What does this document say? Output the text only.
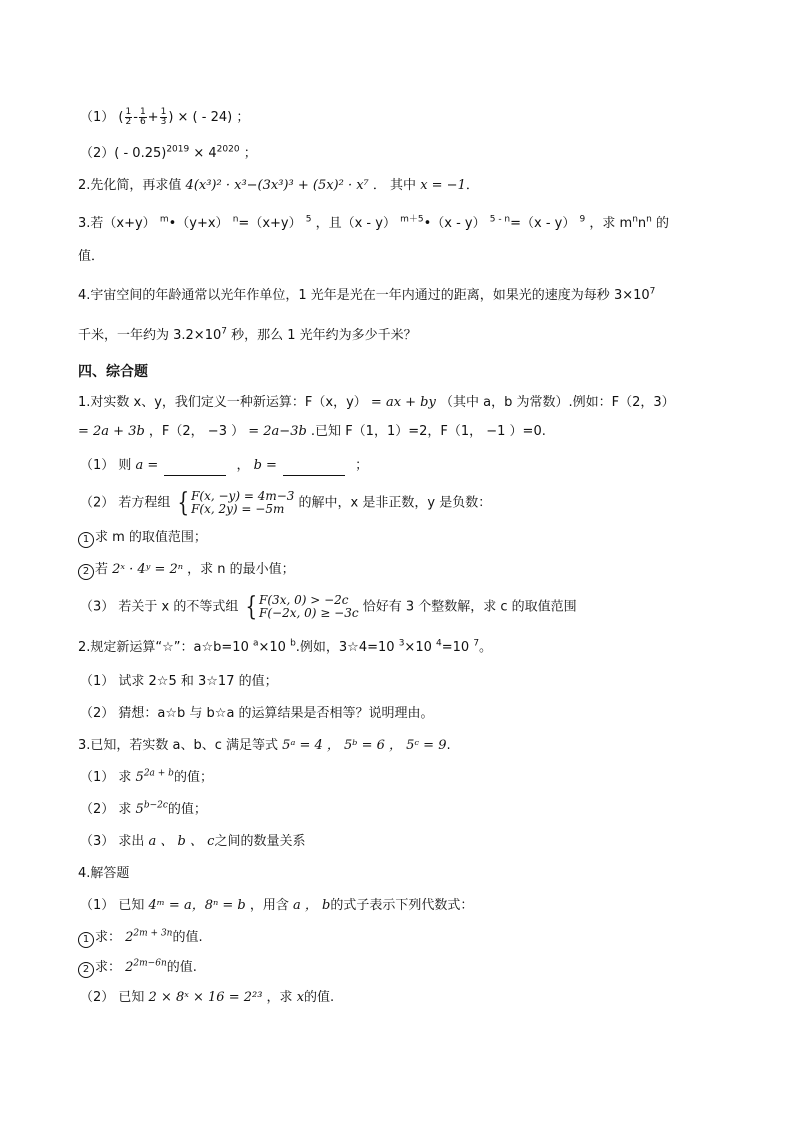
（1） ( $\frac{1}{2} - \frac{1}{6} + \frac{1}{3}$ ) × ( - 24) ；
$(2)( - 0.25)^{2019} \times 4^{2020}$ ；
2.先化简，再求值 4(x³)² · x³−(3x³)³ + (5x)² · x⁷ ． 其中 x = −1．
3.若（x+y） $^m$•（y+x） $^n$=（x+y） $^5$ ，且（x - y） $^{m+5}$•（x - y） $^{5 - n}$=（x - y） $^9$ ，求 $m^nn^n$ 的
值．
4.宇宙空间的年龄通常以光年作单位，1 光年是光在一年内通过的距离，如果光的速度为每秒 $3\times 10^7$
千米，一年约为 $3.2\times 10^7$ 秒，那么 1 光年约为多少千米？
四、综合题
1.对实数 x、y，我们定义一种新运算：F（x，y） = ax + by （其中 a，b 为常数）.例如：F（2，3）
= 2a + 3b ，F（2， −3 ） = 2a−3b .已知 F（1，1）=2，F（1， −1 ）=0.
（1） 则 a =	， b =	；
（2） 若方程组 { F(x, −y) = 4m−3
F(x, 2y) = −5m 的解中，x 是非正数，y 是负数：
1 求 m 的取值范围；
2 若 2ˣ · 4ʸ = 2ⁿ ，求 n 的最小值；
（3） 若关于 x 的不等式组 { F(3x, 0) > −2c
F(−2x, 0) ≥ −3c 恰好有 3 个整数解，求 c 的取值范围
2.规定新运算“☆”：a☆b=10 $^a$×10 $^b$.例如，3☆4=10 $^3$×10 $^4$=10 $^7$。
（1） 试求 2☆5 和 3☆17 的值；
（2） 猜想：a☆b 与 b☆a 的运算结果是否相等？说明理由。
3.已知，若实数 a、b、c 满足等式 5ᵃ = 4 ， 5ᵇ = 6 ， 5ᶜ = 9.
（1） 求 $5^{2a + b}$的值；
（2） 求 $5^{b-2c}$的值；
（3） 求出 a 、 b 、 c之间的数量关系
4.解答题
（1） 已知 4ᵐ = a，8ⁿ = b ，用含 a ， b的式子表示下列代数式：
1 求： $2^{2m + 3n}$的值.
2 求： $2^{2m-6n}$的值.
（2） 已知 2 × 8ˣ × 16 = 2²³ ，求 x的值.
